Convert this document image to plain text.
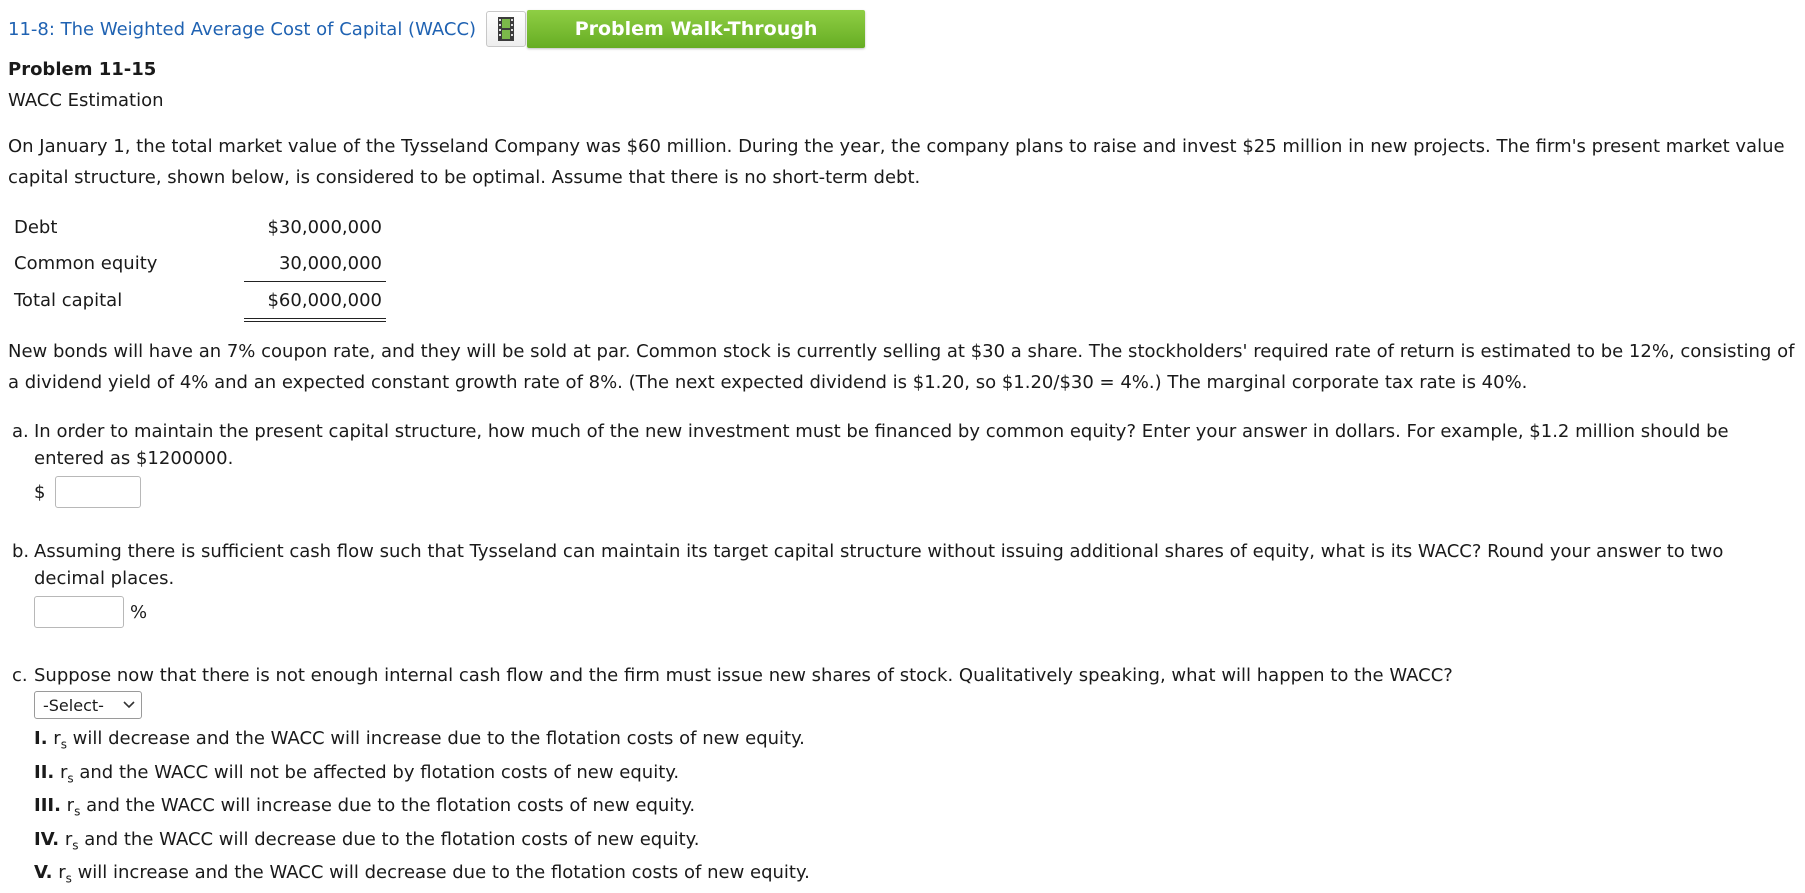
11-8: The Weighted Average Cost of Capital (WACC)	Problem Walk-Through
Problem 11-15
WACC Estimation
On January 1, the total market value of the Tysseland Company was $60 million. During the year, the company plans to raise and invest $25 million in new projects. The firm's present market value capital structure, shown below, is considered to be optimal. Assume that there is no short-term debt.
Debt	$30,000,000
Common equity	30,000,000
Total capital	$60,000,000
New bonds will have an 7% coupon rate, and they will be sold at par. Common stock is currently selling at $30 a share. The stockholders' required rate of return is estimated to be 12%, consisting of a dividend yield of 4% and an expected constant growth rate of 8%. (The next expected dividend is $1.20, so $1.20/$30 = 4%.) The marginal corporate tax rate is 40%.
a. In order to maintain the present capital structure, how much of the new investment must be financed by common equity? Enter your answer in dollars. For example, $1.2 million should be entered as $1200000.
$
b. Assuming there is sufficient cash flow such that Tysseland can maintain its target capital structure without issuing additional shares of equity, what is its WACC? Round your answer to two decimal places.
%
c. Suppose now that there is not enough internal cash flow and the firm must issue new shares of stock. Qualitatively speaking, what will happen to the WACC?
-Select-
I. $r_s$ will decrease and the WACC will increase due to the flotation costs of new equity.
II. $r_s$ and the WACC will not be affected by flotation costs of new equity.
III. $r_s$ and the WACC will increase due to the flotation costs of new equity.
IV. $r_s$ and the WACC will decrease due to the flotation costs of new equity.
V. $r_s$ will increase and the WACC will decrease due to the flotation costs of new equity.
